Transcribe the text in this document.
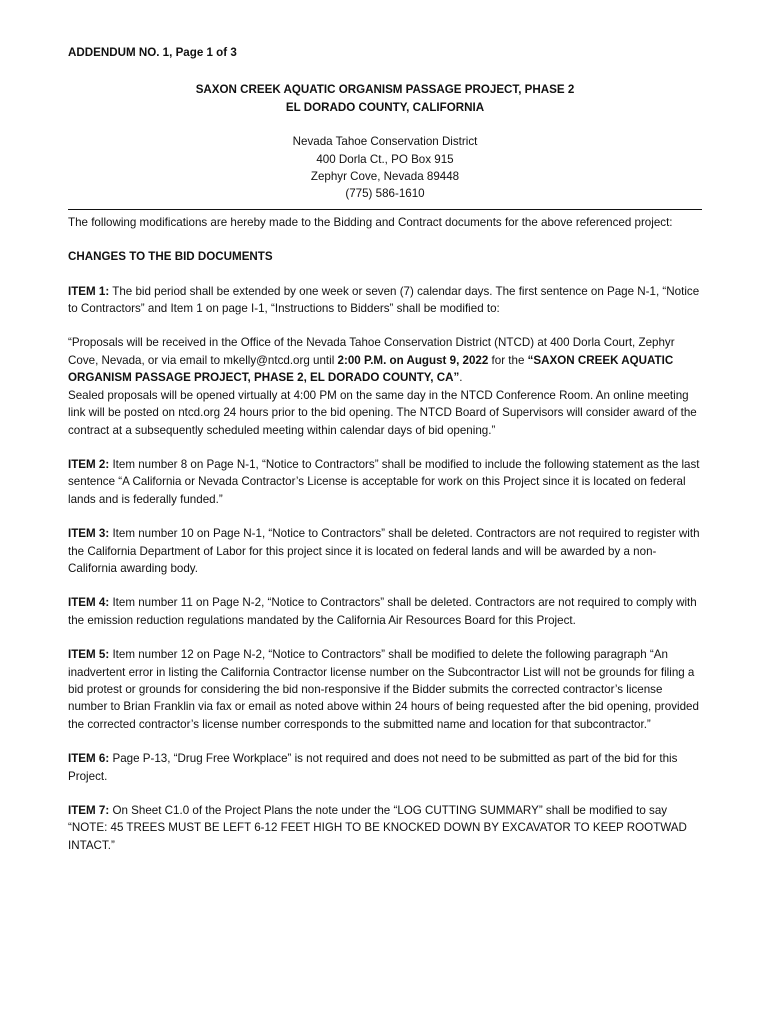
ADDENDUM NO. 1, Page 1 of 3

SAXON CREEK AQUATIC ORGANISM PASSAGE PROJECT, PHASE 2

EL DORADO COUNTY, CALIFORNIA

Nevada Tahoe Conservation District

400 Dorla Ct., PO Box 915

Zephyr Cove, Nevada 89448

(775) 586-1610

The following modifications are hereby made to the Bidding and Contract documents for the above referenced project:

CHANGES TO THE BID DOCUMENTS

ITEM 1: The bid period shall be extended by one week or seven (7) calendar days. The first sentence on Page N-1, “Notice to Contractors” and Item 1 on page I-1, “Instructions to Bidders” shall be modified to:

“Proposals will be received in the Office of the Nevada Tahoe Conservation District (NTCD) at 400 Dorla Court, Zephyr Cove, Nevada, or via email to mkelly@ntcd.org until 2:00 P.M. on August 9, 2022 for the “SAXON CREEK AQUATIC ORGANISM PASSAGE PROJECT, PHASE 2, EL DORADO COUNTY, CA”.

Sealed proposals will be opened virtually at 4:00 PM on the same day in the NTCD Conference Room. An online meeting link will be posted on ntcd.org 24 hours prior to the bid opening. The NTCD Board of Supervisors will consider award of the contract at a subsequently scheduled meeting within calendar days of bid opening.”

ITEM 2: Item number 8 on Page N-1, “Notice to Contractors” shall be modified to include the following statement as the last sentence “A California or Nevada Contractor’s License is acceptable for work on this Project since it is located on federal lands and is federally funded.”

ITEM 3: Item number 10 on Page N-1, “Notice to Contractors” shall be deleted. Contractors are not required to register with the California Department of Labor for this project since it is located on federal lands and will be awarded by a non-California awarding body.

ITEM 4: Item number 11 on Page N-2, “Notice to Contractors” shall be deleted. Contractors are not required to comply with the emission reduction regulations mandated by the California Air Resources Board for this Project.

ITEM 5: Item number 12 on Page N-2, “Notice to Contractors” shall be modified to delete the following paragraph “An inadvertent error in listing the California Contractor license number on the Subcontractor List will not be grounds for filing a bid protest or grounds for considering the bid non-responsive if the Bidder submits the corrected contractor’s license number to Brian Franklin via fax or email as noted above within 24 hours of being requested after the bid opening, provided the corrected contractor’s license number corresponds to the submitted name and location for that subcontractor.”

ITEM 6: Page P-13, “Drug Free Workplace” is not required and does not need to be submitted as part of the bid for this Project.

ITEM 7: On Sheet C1.0 of the Project Plans the note under the “LOG CUTTING SUMMARY” shall be modified to say “NOTE: 45 TREES MUST BE LEFT 6-12 FEET HIGH TO BE KNOCKED DOWN BY EXCAVATOR TO KEEP ROOTWAD INTACT.”
